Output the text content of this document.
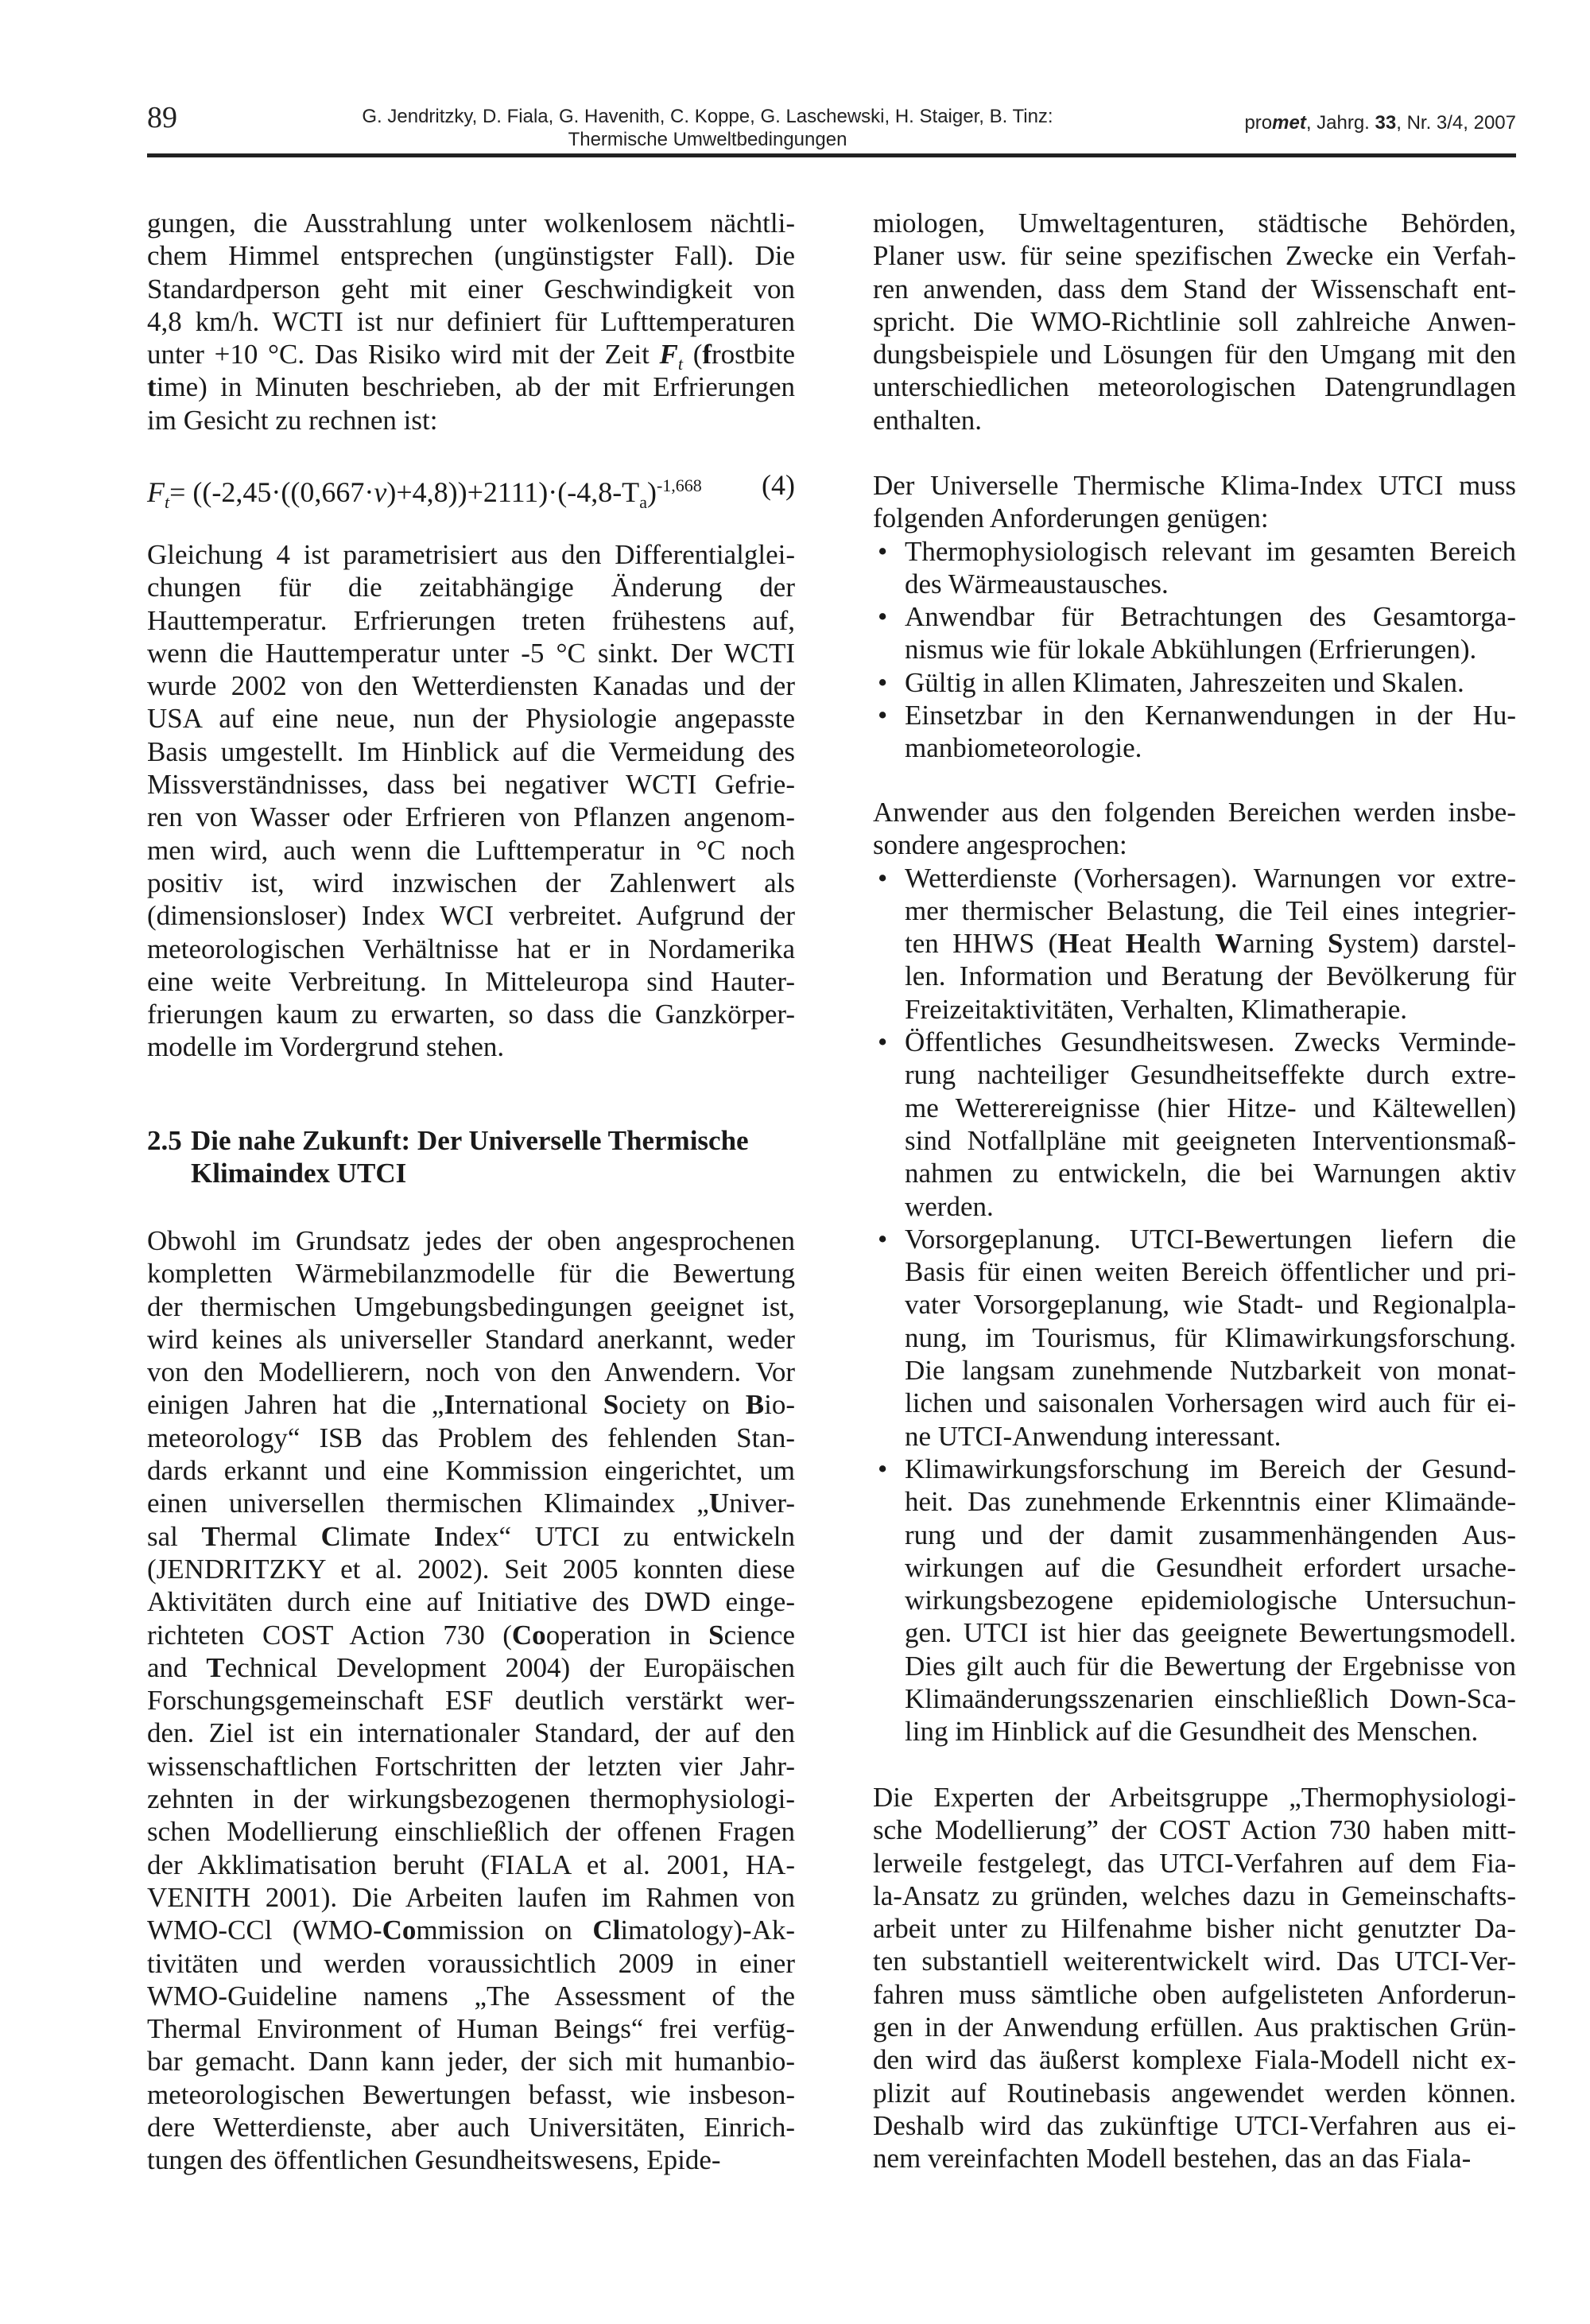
89	G. Jendritzky, D. Fiala, G. Havenith, C. Koppe, G. Laschewski, H. Staiger, B. Tinz:
Thermische Umweltbedingungen
promet, Jahrg. 33, Nr. 3/4, 2007
gungen, die Ausstrahlung unter wolkenlosem nächtli-
chem Himmel entsprechen (ungünstigster Fall). Die
Standardperson geht mit einer Geschwindigkeit von
4,8 km/h. WCTI ist nur definiert für Lufttemperaturen
unter +10 °C. Das Risiko wird mit der Zeit $F_t$ (frostbite
time) in Minuten beschrieben, ab der mit Erfrierungen
im Gesicht zu rechnen ist:
$F_t= ((-2,45\cdot((0,667\cdot v)+4,8))+2111)\cdot(-4,8-T_a)^{-1,668}$ (4)
Gleichung 4 ist parametrisiert aus den Differentialglei-
chungen für die zeitabhängige Änderung der
Hauttemperatur. Erfrierungen treten frühestens auf,
wenn die Hauttemperatur unter -5 °C sinkt. Der WCTI
wurde 2002 von den Wetterdiensten Kanadas und der
USA auf eine neue, nun der Physiologie angepasste
Basis umgestellt. Im Hinblick auf die Vermeidung des
Missverständnisses, dass bei negativer WCTI Gefrie-
ren von Wasser oder Erfrieren von Pflanzen angenom-
men wird, auch wenn die Lufttemperatur in °C noch
positiv ist, wird inzwischen der Zahlenwert als
(dimensionsloser) Index WCI verbreitet. Aufgrund der
meteorologischen Verhältnisse hat er in Nordamerika
eine weite Verbreitung. In Mitteleuropa sind Hauter-
frierungen kaum zu erwarten, so dass die Ganzkörper-
modelle im Vordergrund stehen.
2.5 Die nahe Zukunft: Der Universelle Thermische
Klimaindex UTCI
Obwohl im Grundsatz jedes der oben angesprochenen
kompletten Wärmebilanzmodelle für die Bewertung
der thermischen Umgebungsbedingungen geeignet ist,
wird keines als universeller Standard anerkannt, weder
von den Modellierern, noch von den Anwendern. Vor
einigen Jahren hat die „International Society on Bio-
meteorology“ ISB das Problem des fehlenden Stan-
dards erkannt und eine Kommission eingerichtet, um
einen universellen thermischen Klimaindex „Univer-
sal Thermal Climate Index“ UTCI zu entwickeln
(JENDRITZKY et al. 2002). Seit 2005 konnten diese
Aktivitäten durch eine auf Initiative des DWD einge-
richteten COST Action 730 (Cooperation in Science
and Technical Development 2004) der Europäischen
Forschungsgemeinschaft ESF deutlich verstärkt wer-
den. Ziel ist ein internationaler Standard, der auf den
wissenschaftlichen Fortschritten der letzten vier Jahr-
zehnten in der wirkungsbezogenen thermophysiologi-
schen Modellierung einschließlich der offenen Fragen
der Akklimatisation beruht (FIALA et al. 2001, HA-
VENITH 2001). Die Arbeiten laufen im Rahmen von
WMO-CCl (WMO-Commission on Climatology)-Ak-
tivitäten und werden voraussichtlich 2009 in einer
WMO-Guideline namens „The Assessment of the
Thermal Environment of Human Beings“ frei verfüg-
bar gemacht. Dann kann jeder, der sich mit humanbio-
meteorologischen Bewertungen befasst, wie insbeson-
dere Wetterdienste, aber auch Universitäten, Einrich-
tungen des öffentlichen Gesundheitswesens, Epide-
miologen, Umweltagenturen, städtische Behörden,
Planer usw. für seine spezifischen Zwecke ein Verfah-
ren anwenden, dass dem Stand der Wissenschaft ent-
spricht. Die WMO-Richtlinie soll zahlreiche Anwen-
dungsbeispiele und Lösungen für den Umgang mit den
unterschiedlichen meteorologischen Datengrundlagen
enthalten.
Der Universelle Thermische Klima-Index UTCI muss
folgenden Anforderungen genügen:
• Thermophysiologisch relevant im gesamten Bereich
des Wärmeaustausches.
• Anwendbar für Betrachtungen des Gesamtorga-
nismus wie für lokale Abkühlungen (Erfrierungen).
• Gültig in allen Klimaten, Jahreszeiten und Skalen.
• Einsetzbar in den Kernanwendungen in der Hu-
manbiometeorologie.
Anwender aus den folgenden Bereichen werden insbe-
sondere angesprochen:
• Wetterdienste (Vorhersagen). Warnungen vor extre-
mer thermischer Belastung, die Teil eines integrier-
ten HHWS (Heat Health Warning System) darstel-
len. Information und Beratung der Bevölkerung für
Freizeitaktivitäten, Verhalten, Klimatherapie.
• Öffentliches Gesundheitswesen. Zwecks Verminde-
rung nachteiliger Gesundheitseffekte durch extre-
me Wetterereignisse (hier Hitze- und Kältewellen)
sind Notfallpläne mit geeigneten Interventionsmaß-
nahmen zu entwickeln, die bei Warnungen aktiv
werden.
• Vorsorgeplanung. UTCI-Bewertungen liefern die
Basis für einen weiten Bereich öffentlicher und pri-
vater Vorsorgeplanung, wie Stadt- und Regionalpla-
nung, im Tourismus, für Klimawirkungsforschung.
Die langsam zunehmende Nutzbarkeit von monat-
lichen und saisonalen Vorhersagen wird auch für ei-
ne UTCI-Anwendung interessant.
• Klimawirkungsforschung im Bereich der Gesund-
heit. Das zunehmende Erkenntnis einer Klimaände-
rung und der damit zusammenhängenden Aus-
wirkungen auf die Gesundheit erfordert ursache-
wirkungsbezogene epidemiologische Untersuchun-
gen. UTCI ist hier das geeignete Bewertungsmodell.
Dies gilt auch für die Bewertung der Ergebnisse von
Klimaänderungsszenarien einschließlich Down-Sca-
ling im Hinblick auf die Gesundheit des Menschen.
Die Experten der Arbeitsgruppe „Thermophysiologi-
sche Modellierung” der COST Action 730 haben mitt-
lerweile festgelegt, das UTCI-Verfahren auf dem Fia-
la-Ansatz zu gründen, welches dazu in Gemeinschafts-
arbeit unter zu Hilfenahme bisher nicht genutzter Da-
ten substantiell weiterentwickelt wird. Das UTCI-Ver-
fahren muss sämtliche oben aufgelisteten Anforderun-
gen in der Anwendung erfüllen. Aus praktischen Grün-
den wird das äußerst komplexe Fiala-Modell nicht ex-
plizit auf Routinebasis angewendet werden können.
Deshalb wird das zukünftige UTCI-Verfahren aus ei-
nem vereinfachten Modell bestehen, das an das Fiala-
